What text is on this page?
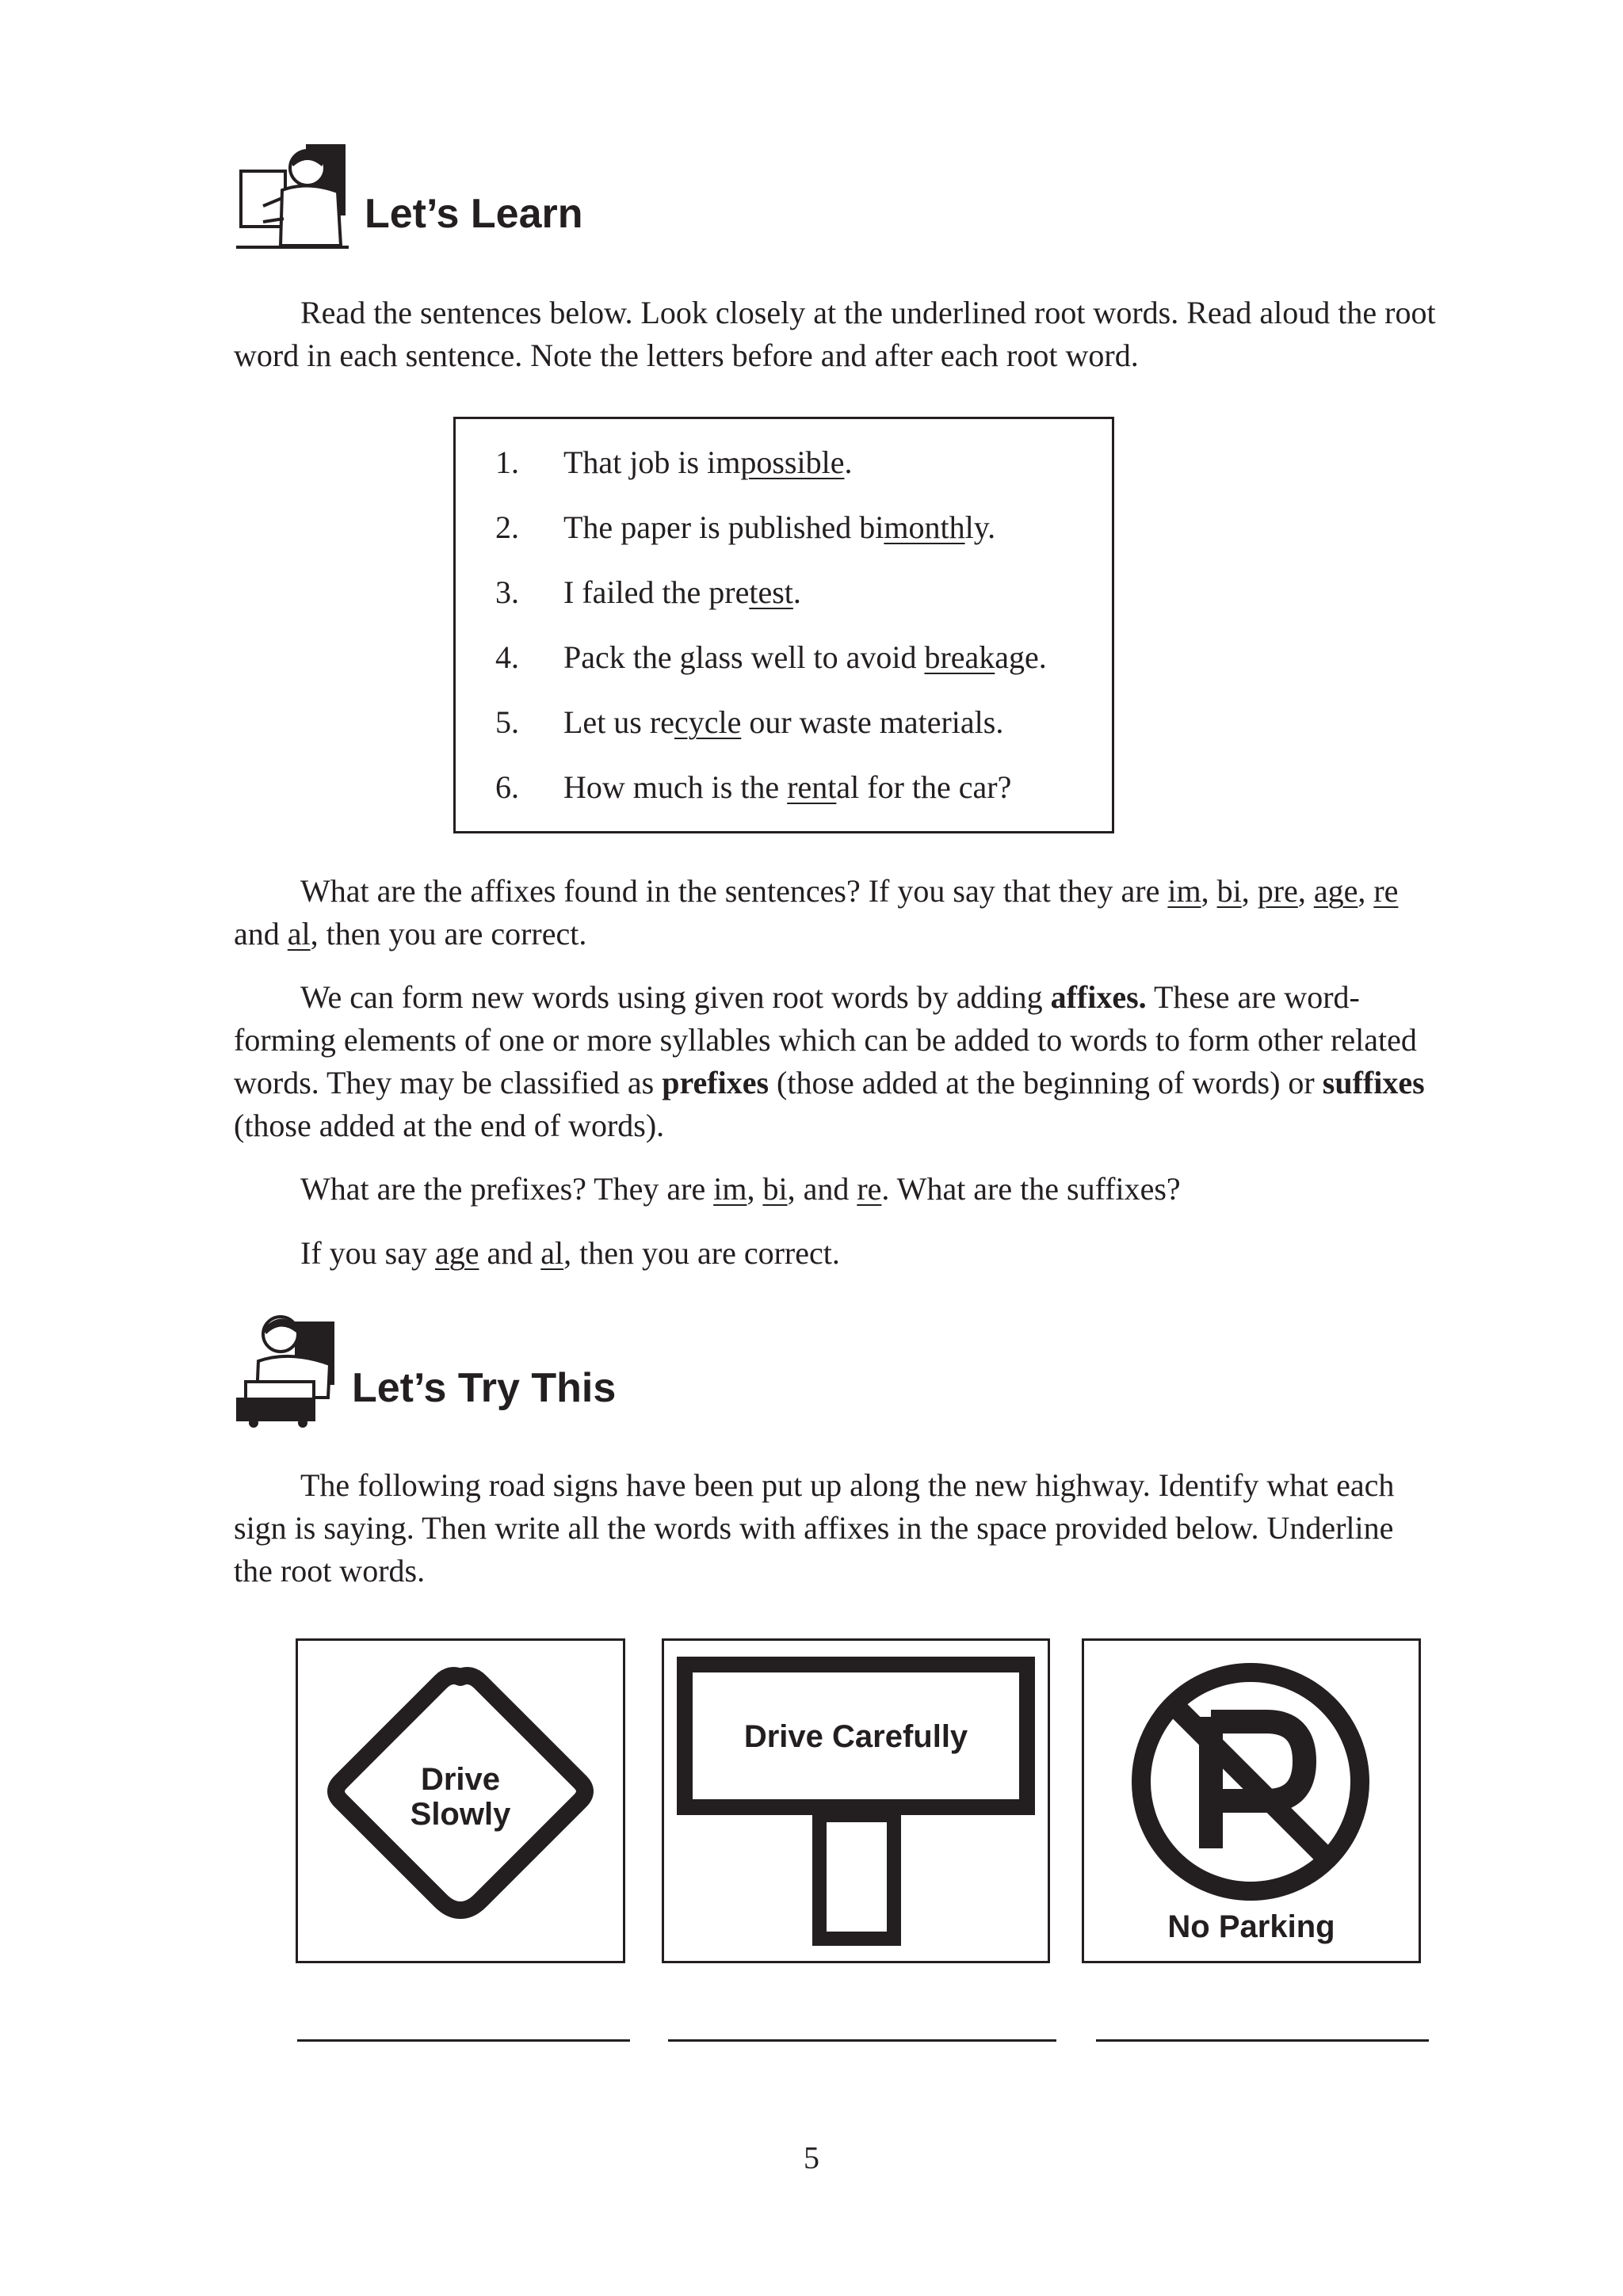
Let’s Learn

Read the sentences below. Look closely at the underlined root words. Read aloud the root word in each sentence. Note the letters before and after each root word.

1. That job is impossible.
2. The paper is published bimonthly.
3. I failed the pretest.
4. Pack the glass well to avoid breakage.
5. Let us recycle our waste materials.
6. How much is the rental for the car?

What are the affixes found in the sentences? If you say that they are im, bi, pre, age, re and al, then you are correct.

We can form new words using given root words by adding affixes. These are word-forming elements of one or more syllables which can be added to words to form other related words. They may be classified as prefixes (those added at the beginning of words) or suffixes (those added at the end of words).

What are the prefixes? They are im, bi, and re. What are the suffixes?

If you say age and al, then you are correct.

Let’s Try This

The following road signs have been put up along the new highway. Identify what each sign is saying. Then write all the words with affixes in the space provided below. Underline the root words.

Drive
Slowly
Drive Carefully
No Parking
5
